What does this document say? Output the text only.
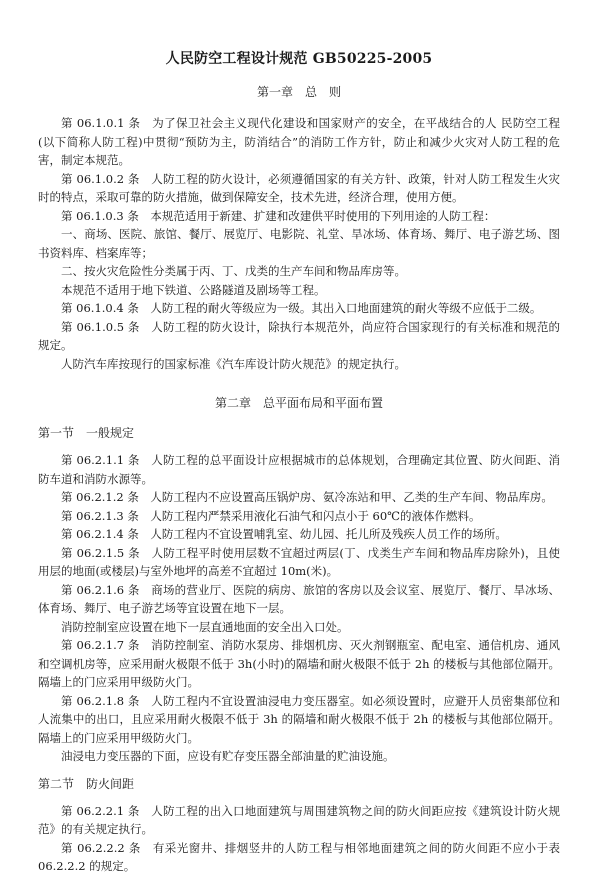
人民防空工程设计规范 GB50225-2005
第一章　总　则

第 06.1.0.1 条　为了保卫社会主义现代化建设和国家财产的安全，在平战结合的人 民防空工程(以下简称人防工程)中贯彻“预防为主，防消结合”的消防工作方针，防止和减少火灾对人防工程的危害，制定本规范。

第 06.1.0.2 条　人防工程的防火设计，必须遵循国家的有关方针、政策，针对人防工程发生火灾时的特点，采取可靠的防火措施，做到保障安全，技术先进，经济合理，使用方便。

第 06.1.0.3 条　本规范适用于新建、扩建和改建供平时使用的下列用途的人防工程：

一、商场、医院、旅馆、餐厅、展览厅、电影院、礼堂、旱冰场、体育场、舞厅、电子游艺场、图书资料库、档案库等；

二、按火灾危险性分类属于丙、丁、戊类的生产车间和物品库房等。

本规范不适用于地下铁道、公路隧道及剧场等工程。

第 06.1.0.4 条　人防工程的耐火等级应为一级。其出入口地面建筑的耐火等级不应低于二级。

第 06.1.0.5 条　人防工程的防火设计，除执行本规范外，尚应符合国家现行的有关标准和规范的规定。

人防汽车库按现行的国家标准《汽车库设计防火规范》的规定执行。

第二章　总平面布局和平面布置
第一节　一般规定

第 06.2.1.1 条　人防工程的总平面设计应根据城市的总体规划，合理确定其位置、防火间距、消防车道和消防水源等。

第 06.2.1.2 条　人防工程内不应设置高压锅炉房、氨冷冻站和甲、乙类的生产车间、物品库房。

第 06.2.1.3 条　人防工程内严禁采用液化石油气和闪点小于 60℃的液体作燃料。

第 06.2.1.4 条　人防工程内不宜设置哺乳室、幼儿园、托儿所及残疾人员工作的场所。

第 06.2.1.5 条　人防工程平时使用层数不宜超过两层(丁、戊类生产车间和物品库房除外)，且使用层的地面(或楼层)与室外地坪的高差不宜超过 10m(米)。

第 06.2.1.6 条　商场的营业厅、医院的病房、旅馆的客房以及会议室、展览厅、餐厅、旱冰场、体育场、舞厅、电子游艺场等宜设置在地下一层。

消防控制室应设置在地下一层直通地面的安全出入口处。

第 06.2.1.7 条　消防控制室、消防水泵房、排烟机房、灭火剂钢瓶室、配电室、通信机房、通风和空调机房等，应采用耐火极限不低于 3h(小时)的隔墙和耐火极限不低于 2h 的楼板与其他部位隔开。隔墙上的门应采用甲级防火门。

第 06.2.1.8 条　人防工程内不宜设置油浸电力变压器室。如必须设置时，应避开人员密集部位和人流集中的出口，且应采用耐火极限不低于 3h 的隔墙和耐火极限不低于 2h 的楼板与其他部位隔开。隔墙上的门应采用甲级防火门。

油浸电力变压器的下面，应设有贮存变压器全部油量的贮油设施。

第二节　防火间距

第 06.2.2.1 条　人防工程的出入口地面建筑与周围建筑物之间的防火间距应按《建筑设计防火规范》的有关规定执行。

第 06.2.2.2 条　有采光窗井、排烟竖井的人防工程与相邻地面建筑之间的防火间距不应小于表 06.2.2.2 的规定。
